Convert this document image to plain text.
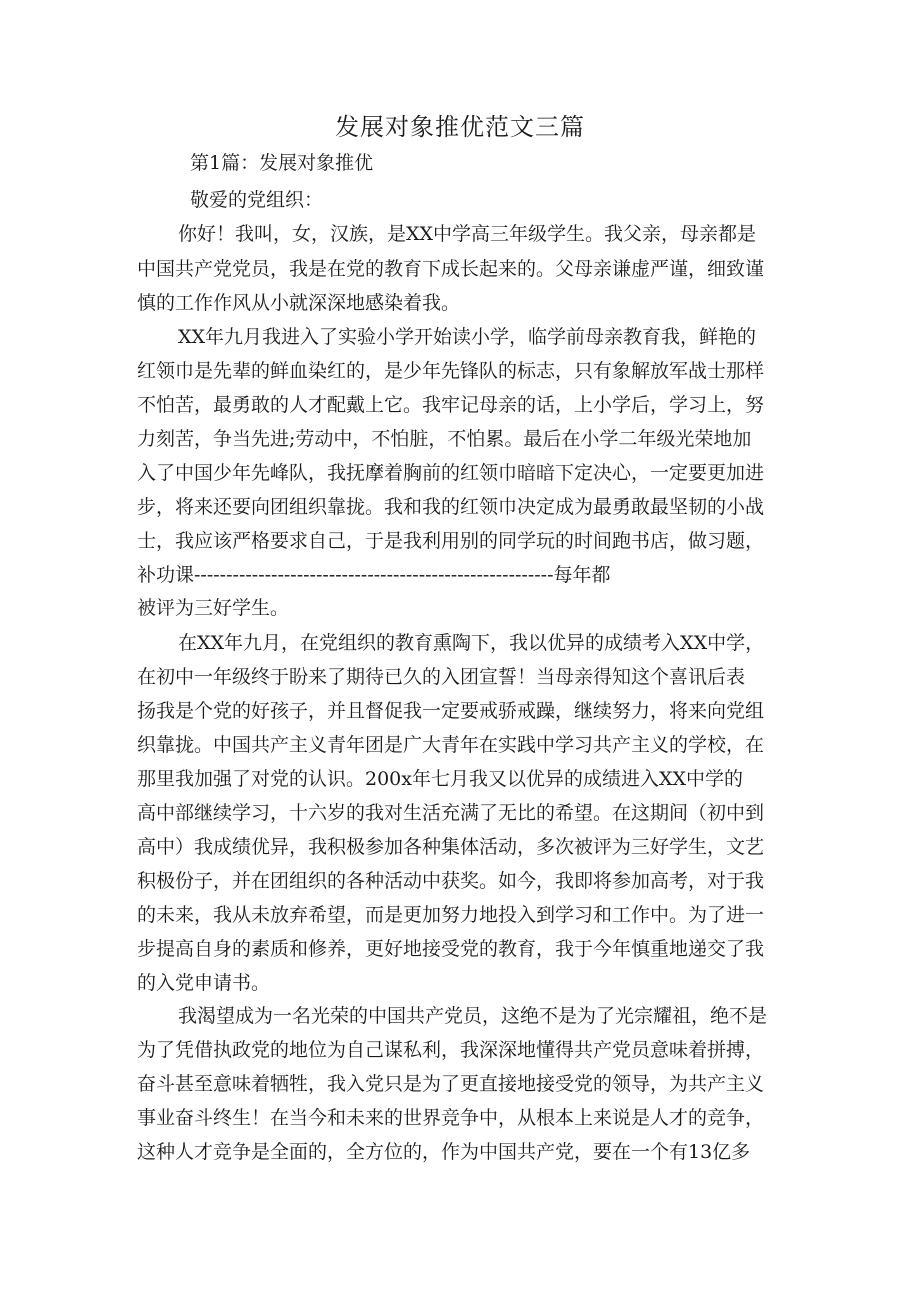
发展对象推优范文三篇
第1篇：发展对象推优
敬爱的党组织：
你好！我叫，女，汉族，是XX中学高三年级学生。我父亲，母亲都是
中国共产党党员，我是在党的教育下成长起来的。父母亲谦虚严谨，细致谨
慎的工作作风从小就深深地感染着我。
XX年九月我进入了实验小学开始读小学，临学前母亲教育我，鲜艳的
红领巾是先辈的鲜血染红的，是少年先锋队的标志，只有象解放军战士那样
不怕苦，最勇敢的人才配戴上它。我牢记母亲的话，上小学后，学习上，努
力刻苦，争当先进;劳动中，不怕脏，不怕累。最后在小学二年级光荣地加
入了中国少年先峰队，我抚摩着胸前的红领巾暗暗下定决心，一定要更加进
步，将来还要向团组织靠拢。我和我的红领巾决定成为最勇敢最坚韧的小战
士，我应该严格要求自己，于是我利用别的同学玩的时间跑书店，做习题，
补功课--------------------------------------------------------每年都
被评为三好学生。
在XX年九月，在党组织的教育熏陶下，我以优异的成绩考入XX中学，
在初中一年级终于盼来了期待已久的入团宣誓！当母亲得知这个喜讯后表
扬我是个党的好孩子，并且督促我一定要戒骄戒躁，继续努力，将来向党组
织靠拢。中国共产主义青年团是广大青年在实践中学习共产主义的学校，在
那里我加强了对党的认识。200x年七月我又以优异的成绩进入XX中学的
高中部继续学习，十六岁的我对生活充满了无比的希望。在这期间（初中到
高中）我成绩优异，我积极参加各种集体活动，多次被评为三好学生，文艺
积极份子，并在团组织的各种活动中获奖。如今，我即将参加高考，对于我
的未来，我从未放弃希望，而是更加努力地投入到学习和工作中。为了进一
步提高自身的素质和修养，更好地接受党的教育，我于今年慎重地递交了我
的入党申请书。
我渴望成为一名光荣的中国共产党员，这绝不是为了光宗耀祖，绝不是
为了凭借执政党的地位为自己谋私利，我深深地懂得共产党员意味着拼搏，
奋斗甚至意味着牺牲，我入党只是为了更直接地接受党的领导，为共产主义
事业奋斗终生！在当今和未来的世界竞争中，从根本上来说是人才的竞争，
这种人才竞争是全面的，全方位的，作为中国共产党，要在一个有13亿多
